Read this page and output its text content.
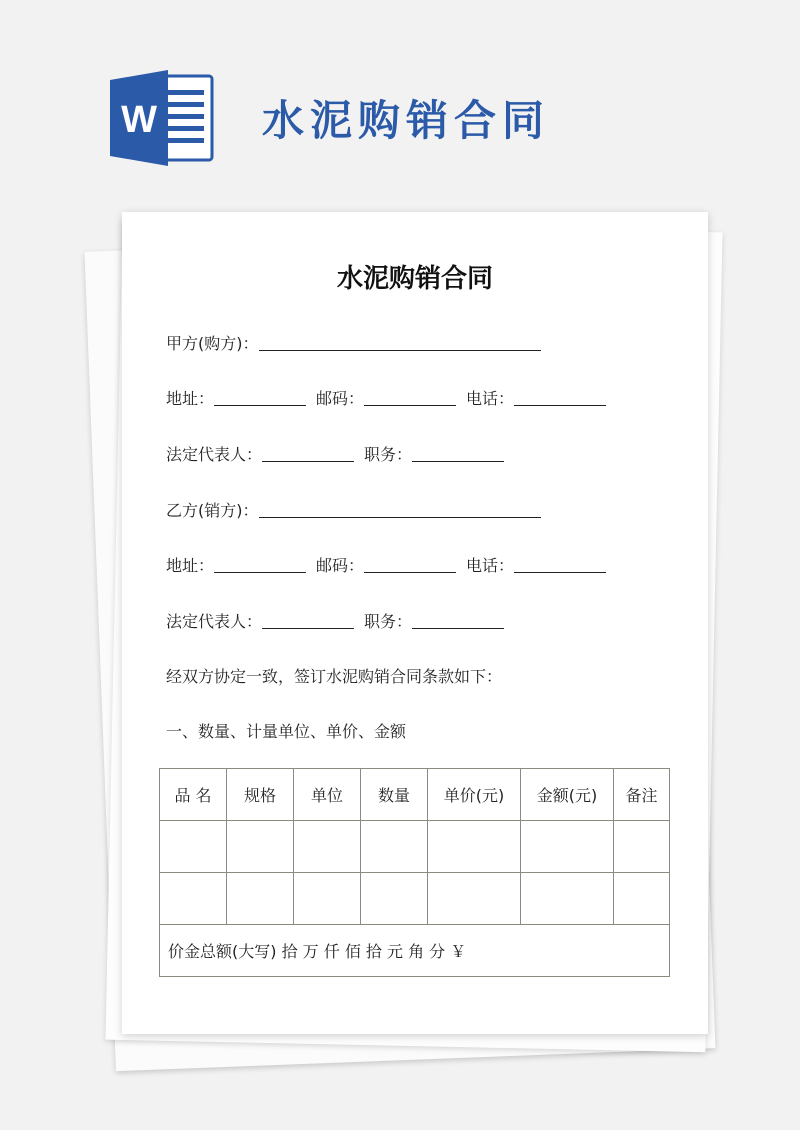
W	水泥购销合同
水泥购销合同
甲方(购方)：
地址：	邮码：	电话：
法定代表人：	职务：
乙方(销方)：
地址：	邮码：	电话：
法定代表人：	职务：
经双方协定一致，签订水泥购销合同条款如下：
一、数量、计量单位、单价、金额
品 名	规格	单位	数量	单价(元)	金额(元)	备注

价金总额(大写) 拾 万 仟 佰 拾 元 角 分 ￥						
